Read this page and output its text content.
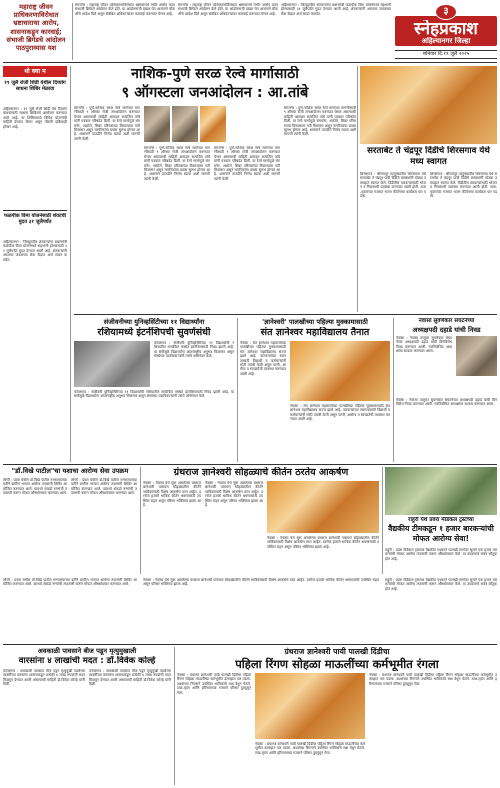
३
स्नेहप्रकाश
अहिल्यानगर जिल्हा
शनिवार दि.१९ जुलै २०२५
महाराष्ट्र जीवन प्राधिकरणाविरोधात भ्रष्टाचाराचा आरोप, शासनाकडून कारवाई; संभाजी ब्रिगेडचे आंदोलन पाठपुराव्यास यश
संगमनेर : महाराष्ट्र जीवन प्राधिकरणाविरोधात भ्रष्टाचाराचे गंभीर आरोप करत संभाजी ब्रिगेडने आंदोलन केले होते. या आंदोलनाची दखल घेत शासनाने चौकशीचे आदेश दिले असून संबंधित अधिकाऱ्यांवर कारवाई करण्यात येणार आहे.
संगमनेर : महाराष्ट्र जीवन प्राधिकरणाविरोधात भ्रष्टाचाराचे गंभीर आरोप करत संभाजी ब्रिगेडने आंदोलन केले होते. या आंदोलनाची दखल घेत शासनाने चौकशीचे आदेश दिले असून संबंधित अधिकाऱ्यांवर कारवाई करण्यात येणार आहे.
अहिल्यानगर : जिल्ह्यातील शेतकऱ्यांना प्रधानमंत्री फळपीक विमा योजनेमध्ये सहभागी होण्यासाठी ३१ जुलैपर्यंत मुदत देण्यात आली आहे. शेतकऱ्यांनी आपल्या जवळच्या सेवा केंद्रात अर्ज सादर करावेत.
थो क्या म
१९ जुलै रोजी शिर्डी येथील दिव्यांग साधना शिबिर मेळावा
अहिल्यानगर : १९ जुलै रोजी शिर्डी येथे दिव्यांग बांधवांसाठी साधना शिबिराचे आयोजन करण्यात आले आहे. या शिबिरामध्ये विविध योजनांची माहिती देण्यात येणार असून नोंदणी प्रक्रियाही होणार आहे.
फळपीक विमा योजनेसाठी शेवटची मुदत ३१ जुलैपर्यंत
अहिल्यानगर : जिल्ह्यातील शेतकऱ्यांना प्रधानमंत्री फळपीक विमा योजनेमध्ये सहभागी होण्यासाठी ३१ जुलैपर्यंत मुदत देण्यात आली आहे. शेतकऱ्यांनी आपल्या जवळच्या सेवा केंद्रात अर्ज सादर करावेत.
नाशिक-पुणे सरळ रेल्वे मार्गासाठी
९ ऑगस्टला जनआंदोलन : आ.तांबे
संगमनेर : पुणे-नाशिक सरळ रेल्वे मार्गाच्या मागणीसाठी ९ ऑगस्ट रोजी जनआंदोलन करण्यात येणार असल्याची माहिती आमदार सत्यजित तांबे यांनी पत्रकार परिषदेत दिली. या रेल्वे मार्गामुळे संगमनेर, अकोले, सिन्नर परिसराच्या विकासाला गती मिळणार असून नागरिकांचा प्रवास सुलभ होणार आहे. शासनाने तातडीने निर्णय घ्यावा अशी मागणी त्यांनी केली.
संगमनेर : पुणे-नाशिक सरळ रेल्वे मार्गाच्या मागणीसाठी ९ ऑगस्ट रोजी जनआंदोलन करण्यात येणार असल्याची माहिती आमदार सत्यजित तांबे यांनी पत्रकार परिषदेत दिली. या रेल्वे मार्गामुळे संगमनेर, अकोले, सिन्नर परिसराच्या विकासाला गती मिळणार असून नागरिकांचा प्रवास सुलभ होणार आहे. शासनाने तातडीने निर्णय घ्यावा अशी मागणी त्यांनी केली.
संगमनेर : पुणे-नाशिक सरळ रेल्वे मार्गाच्या मागणीसाठी ९ ऑगस्ट रोजी जनआंदोलन करण्यात येणार असल्याची माहिती आमदार सत्यजित तांबे यांनी पत्रकार परिषदेत दिली. या रेल्वे मार्गामुळे संगमनेर, अकोले, सिन्नर परिसराच्या विकासाला गती मिळणार असून नागरिकांचा प्रवास सुलभ होणार आहे. शासनाने तातडीने निर्णय घ्यावा अशी मागणी त्यांनी केली.
संगमनेर : पुणे-नाशिक सरळ रेल्वे मार्गाच्या मागणीसाठी ९ ऑगस्ट रोजी जनआंदोलन करण्यात येणार असल्याची माहिती आमदार सत्यजित तांबे यांनी पत्रकार परिषदेत दिली. या रेल्वे मार्गामुळे संगमनेर, अकोले, सिन्नर परिसराच्या विकासाला गती मिळणार असून नागरिकांचा प्रवास सुलभ होणार आहे. शासनाने तातडीने निर्णय घ्यावा अशी मागणी त्यांनी केली.
सरताबेट ते चंद्रपूर दिंडीचे शिरसगाव येथे मध्य स्वागत
शिरसगाव : श्रीरामपूर तालुक्यातील शिरसगाव येथे सरताबेट ते चंद्रपूर पायी दिंडीचे ग्रामस्थांनी मोठ्या उत्साहात स्वागत केले. दिंडीतील वारकऱ्यांसाठी भोजन व निवासाची व्यवस्था करण्यात आली होती. टाळ-मृदंगाच्या गजरात भजन कीर्तनाचा कार्यक्रम पार पडला.
शिरसगाव : श्रीरामपूर तालुक्यातील शिरसगाव येथे सरताबेट ते चंद्रपूर पायी दिंडीचे ग्रामस्थांनी मोठ्या उत्साहात स्वागत केले. दिंडीतील वारकऱ्यांसाठी भोजन व निवासाची व्यवस्था करण्यात आली होती. टाळ-मृदंगाच्या गजरात भजन कीर्तनाचा कार्यक्रम पार पडला.
संजीवनीच्या युनिव्हर्सिटीच्या ११ विद्यार्थ्यांना
रशियामध्ये इंटर्नशिपची सुवर्णसंधी
कोपरगाव : संजीवनी युनिव्हर्सिटीच्या ११ विद्यार्थ्यांची रशियातील नामांकित संस्थेत इंटर्नशिपसाठी निवड झाली आहे. या संधीमुळे विद्यार्थ्यांना आंतरराष्ट्रीय अनुभव मिळणार असून संस्थेच्या पदाधिकाऱ्यांनी त्यांचे अभिनंदन केले.
कोपरगाव : संजीवनी युनिव्हर्सिटीच्या ११ विद्यार्थ्यांची रशियातील नामांकित संस्थेत इंटर्नशिपसाठी निवड झाली आहे. या संधीमुळे विद्यार्थ्यांना आंतरराष्ट्रीय अनुभव मिळणार असून संस्थेच्या पदाधिकाऱ्यांनी त्यांचे अभिनंदन केले.
'ज्ञानेश्वरी' पालखीच्या पहिल्या मुक्कामासाठी
संत ज्ञानेश्वर महाविद्यालय तैनात
नेवासा : संत ज्ञानेश्वर महाराजांच्या पालखीच्या पहिल्या मुक्कामासाठी संत ज्ञानेश्वर महाविद्यालय सज्ज झाले आहे. वारकऱ्यांच्या स्वागतासाठी विद्यार्थी व कर्मचाऱ्यांनी मोठी तयारी केली असून पाणी, आरोग्य व स्वच्छतेची व्यवस्था करण्यात आली आहे.
नेवासा : संत ज्ञानेश्वर महाराजांच्या पालखीच्या पहिल्या मुक्कामासाठी संत ज्ञानेश्वर महाविद्यालय सज्ज झाले आहे. वारकऱ्यांच्या स्वागतासाठी विद्यार्थी व कर्मचाऱ्यांनी मोठी तयारी केली असून पाणी, आरोग्य व स्वच्छतेची व्यवस्था करण्यात आली आहे.
नेवासा सुवर्णकार संघटनेच्या
अध्यक्षपदी दहाडे यांची निवड
नेवासा : नेवासा तालुका सुवर्णकार संघटनेच्या अध्यक्षपदी दहाडे यांची बिनविरोध निवड करण्यात आली. नवनिर्वाचित अध्यक्षांचा सत्कार करण्यात आला.
नेवासा : नेवासा तालुका सुवर्णकार संघटनेच्या अध्यक्षपदी दहाडे यांची बिनविरोध निवड करण्यात आली. नवनिर्वाचित अध्यक्षांचा सत्कार करण्यात आला.
"डॉ.विखे पाटील"चा यशाचा आरोग्य सेवा उपक्रम
लोणी : प्रवरा येथील डॉ.विखे पाटील रुग्णालयाच्या वतीने ग्रामीण भागात आरोग्य तपासणी शिबिर आयोजित करण्यात आले. यामध्ये शेकडो रुग्णांची तपासणी करून मोफत औषधोपचार करण्यात आले.
लोणी : प्रवरा येथील डॉ.विखे पाटील रुग्णालयाच्या वतीने ग्रामीण भागात आरोग्य तपासणी शिबिर आयोजित करण्यात आले. यामध्ये शेकडो रुग्णांची तपासणी करून मोफत औषधोपचार करण्यात आले.
ग्रंथराज ज्ञानेश्वरी सोहळ्याचे कीर्तन ठरतेय आकर्षण
नेवासा : नेवासा येथे सुरू असलेल्या ग्रंथराज ज्ञानेश्वरी पारायण सोहळ्यातील कीर्तने भाविकांसाठी विशेष आकर्षण ठरत आहेत. दररोज हजारो भाविक कीर्तन श्रवणासाठी उपस्थित राहत असून परिसर भक्तिमय झाला आहे.
नेवासा : नेवासा येथे सुरू असलेल्या ग्रंथराज ज्ञानेश्वरी पारायण सोहळ्यातील कीर्तने भाविकांसाठी विशेष आकर्षण ठरत आहेत. दररोज हजारो भाविक कीर्तन श्रवणासाठी उपस्थित राहत असून परिसर भक्तिमय झाला आहे.
नेवासा : नेवासा येथे सुरू असलेल्या ग्रंथराज ज्ञानेश्वरी पारायण सोहळ्यातील कीर्तने भाविकांसाठी विशेष आकर्षण ठरत आहेत. दररोज हजारो भाविक कीर्तन श्रवणासाठी उपस्थित राहत असून परिसर भक्तिमय झाला आहे.
राहुरी येथे प्रवरा मेडिकल ट्रस्टच्या
वैद्यकीय टीमकडून १ हजार बारकऱ्यांची मोफत आरोग्य सेवा!
राहुरी : प्रवरा मेडिकल ट्रस्टच्या वैद्यकीय पथकाने पालखी मार्गावर सुमारे एक हजार वारकऱ्यांची मोफत आरोग्य तपासणी करून औषधोपचार केले. या उपक्रमाचे सर्वत्र कौतुक होत आहे.
लोणी : प्रवरा येथील डॉ.विखे पाटील रुग्णालयाच्या वतीने ग्रामीण भागात आरोग्य तपासणी शिबिर आयोजित करण्यात आले. यामध्ये शेकडो रुग्णांची तपासणी करून मोफत औषधोपचार करण्यात आले.
नेवासा : नेवासा येथे सुरू असलेल्या ग्रंथराज ज्ञानेश्वरी पारायण सोहळ्यातील कीर्तने भाविकांसाठी विशेष आकर्षण ठरत आहेत. दररोज हजारो भाविक कीर्तन श्रवणासाठी उपस्थित राहत असून परिसर भक्तिमय झाला आहे.
राहुरी : प्रवरा मेडिकल ट्रस्टच्या वैद्यकीय पथकाने पालखी मार्गावर सुमारे एक हजार वारकऱ्यांची मोफत आरोग्य तपासणी करून औषधोपचार केले. या उपक्रमाचे सर्वत्र कौतुक होत आहे.
अवकाळी पावसाने बीज पडून मृत्युमुखाली
वारसांना ४ लाखांची मदत : डॉ.विवेक कोल्हे
कोपरगाव : अवकाळी पावसात वीज पडून मृत्युमुखी पडलेल्या व्यक्तींच्या वारसांना शासनाकडून प्रत्येकी ४ लाख रुपयांची मदत मिळवून देण्यात आली असल्याची माहिती डॉ.विवेक कोल्हे यांनी दिली.
कोपरगाव : अवकाळी पावसात वीज पडून मृत्युमुखी पडलेल्या व्यक्तींच्या वारसांना शासनाकडून प्रत्येकी ४ लाख रुपयांची मदत मिळवून देण्यात आली असल्याची माहिती डॉ.विवेक कोल्हे यांनी दिली.
ग्रंथराज ज्ञानेश्वरी पायी पालखी दिंडीचा
पहिला रिंगण सोहळा माऊलींच्या कर्मभूमीत रंगला
नेवासा : ग्रंथराज ज्ञानेश्वरी पायी पालखी दिंडीचा पहिला रिंगण सोहळा माऊलींच्या कर्मभूमीत उत्साहात पार पडला. अश्वांच्या रिंगणाने उपस्थित भाविकांचे लक्ष वेधून घेतले. टाळ-मृदंग आणि हरिनामाच्या गजराने परिसर दुमदुमून गेला.
नेवासा : ग्रंथराज ज्ञानेश्वरी पायी पालखी दिंडीचा पहिला रिंगण सोहळा माऊलींच्या कर्मभूमीत उत्साहात पार पडला. अश्वांच्या रिंगणाने उपस्थित भाविकांचे लक्ष वेधून घेतले. टाळ-मृदंग आणि हरिनामाच्या गजराने परिसर दुमदुमून गेला.
नेवासा : ग्रंथराज ज्ञानेश्वरी पायी पालखी दिंडीचा पहिला रिंगण सोहळा माऊलींच्या कर्मभूमीत उत्साहात पार पडला. अश्वांच्या रिंगणाने उपस्थित भाविकांचे लक्ष वेधून घेतले. टाळ-मृदंग आणि हरिनामाच्या गजराने परिसर दुमदुमून गेला.
